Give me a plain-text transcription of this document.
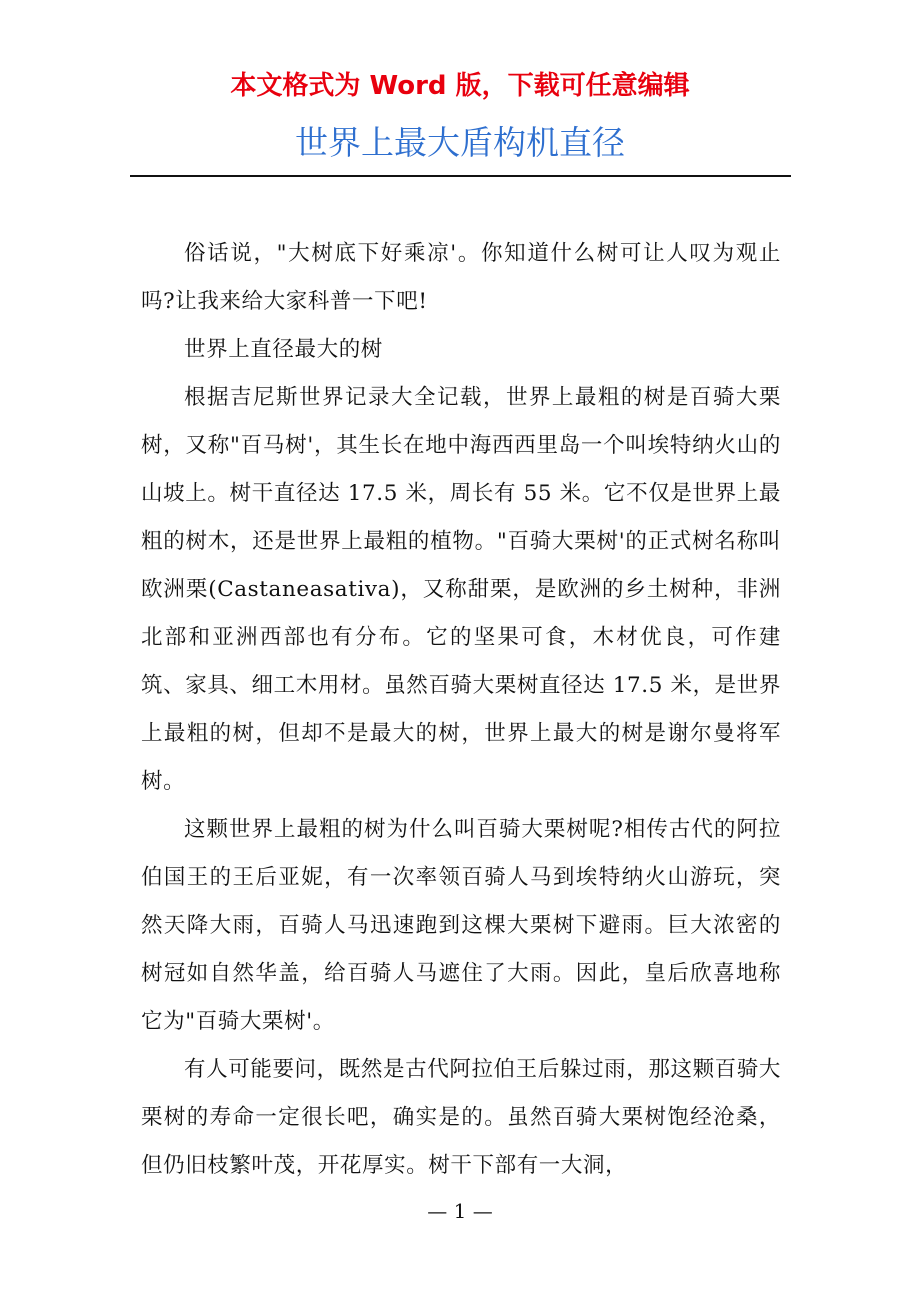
本文格式为 Word 版，下载可任意编辑
世界上最大盾构机直径

俗话说，"大树底下好乘凉'。你知道什么树可让人叹为观止吗?让我来给大家科普一下吧!

世界上直径最大的树

根据吉尼斯世界记录大全记载，世界上最粗的树是百骑大栗树，又称"百马树'，其生长在地中海西西里岛一个叫埃特纳火山的山坡上。树干直径达 17.5 米，周长有 55 米。它不仅是世界上最粗的树木，还是世界上最粗的植物。"百骑大栗树'的正式树名称叫欧洲栗(Castaneasativa)，又称甜栗，是欧洲的乡土树种，非洲北部和亚洲西部也有分布。它的坚果可食，木材优良，可作建筑、家具、细工木用材。虽然百骑大栗树直径达 17.5 米，是世界上最粗的树，但却不是最大的树，世界上最大的树是谢尔曼将军树。

这颗世界上最粗的树为什么叫百骑大栗树呢?相传古代的阿拉伯国王的王后亚妮，有一次率领百骑人马到埃特纳火山游玩，突然天降大雨，百骑人马迅速跑到这棵大栗树下避雨。巨大浓密的树冠如自然华盖，给百骑人马遮住了大雨。因此，皇后欣喜地称它为"百骑大栗树'。

有人可能要问，既然是古代阿拉伯王后躲过雨，那这颗百骑大栗树的寿命一定很长吧，确实是的。虽然百骑大栗树饱经沧桑，但仍旧枝繁叶茂，开花厚实。树干下部有一大洞，

— 1 —
